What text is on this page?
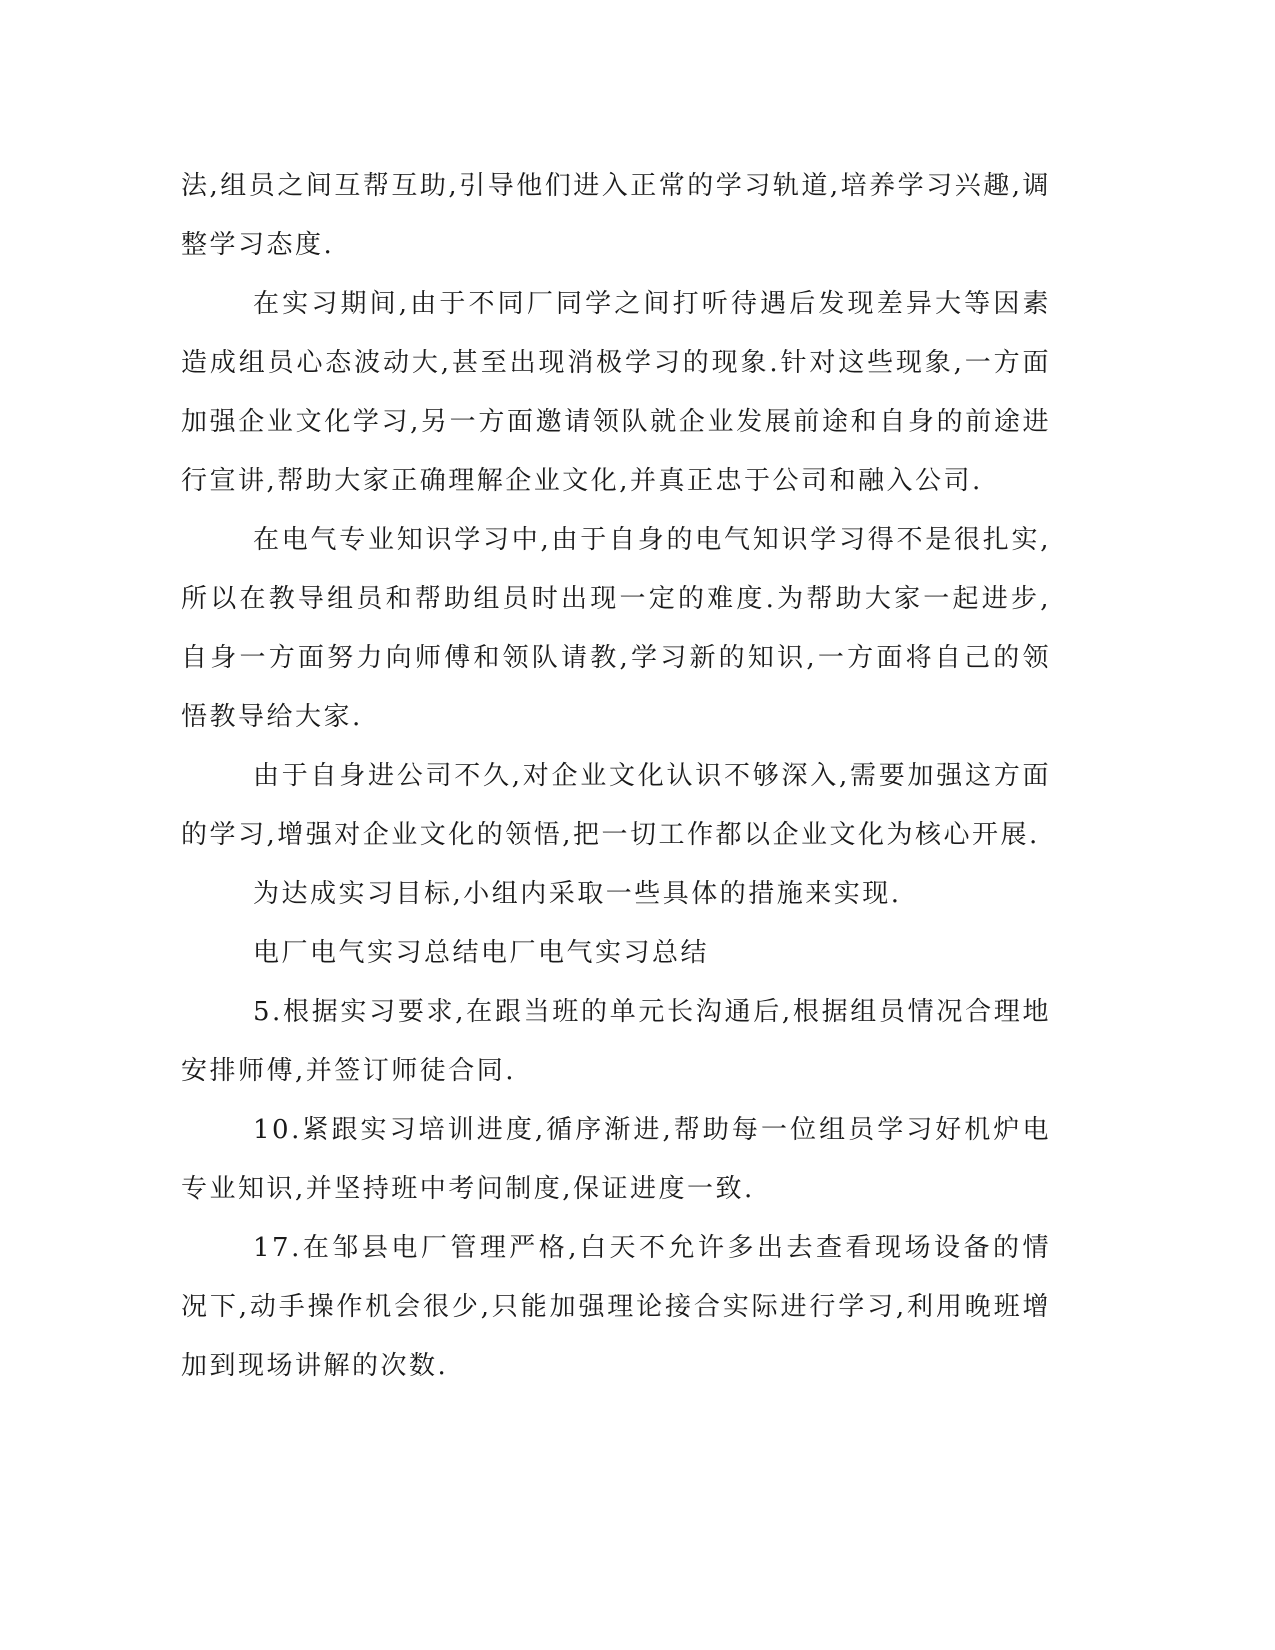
法,组员之间互帮互助,引导他们进入正常的学习轨道,培养学习兴趣,调整学习态度.

在实习期间,由于不同厂同学之间打听待遇后发现差异大等因素造成组员心态波动大,甚至出现消极学习的现象.针对这些现象,一方面加强企业文化学习,另一方面邀请领队就企业发展前途和自身的前途进行宣讲,帮助大家正确理解企业文化,并真正忠于公司和融入公司.

在电气专业知识学习中,由于自身的电气知识学习得不是很扎实,所以在教导组员和帮助组员时出现一定的难度.为帮助大家一起进步,自身一方面努力向师傅和领队请教,学习新的知识,一方面将自己的领悟教导给大家.

由于自身进公司不久,对企业文化认识不够深入,需要加强这方面的学习,增强对企业文化的领悟,把一切工作都以企业文化为核心开展.

为达成实习目标,小组内采取一些具体的措施来实现.

电厂电气实习总结电厂电气实习总结

5.根据实习要求,在跟当班的单元长沟通后,根据组员情况合理地安排师傅,并签订师徒合同.

10.紧跟实习培训进度,循序渐进,帮助每一位组员学习好机炉电专业知识,并坚持班中考问制度,保证进度一致.

17.在邹县电厂管理严格,白天不允许多出去查看现场设备的情况下,动手操作机会很少,只能加强理论接合实际进行学习,利用晚班增加到现场讲解的次数.
